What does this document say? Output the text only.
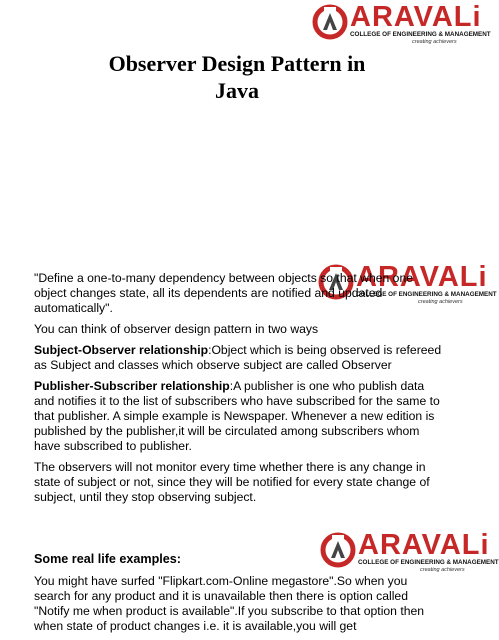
ARAVALi
COLLEGE OF ENGINEERING & MANAGEMENT
creating achievers
Observer Design Pattern in
Java
ARAVALi
COLLEGE OF ENGINEERING & MANAGEMENT
creating achievers

"Define a one-to-many dependency between objects so that when one object changes state, all its dependents are notified and updated automatically".

You can think of observer design pattern in two ways

Subject-Observer relationship:Object which is being observed is refereed as Subject and classes which observe subject are called Observer

Publisher-Subscriber relationship:A publisher is one who publish data and notifies it to the list of subscribers who have subscribed for the same to that publisher. A simple example is Newspaper. Whenever a new edition is published by the publisher,it will be circulated among subscribers whom have subscribed to publisher.

The observers will not monitor every time whether there is any change in state of subject or not, since they will be notified for every state change of subject, until they stop observing subject.

ARAVALi
COLLEGE OF ENGINEERING & MANAGEMENT
creating achievers

Some real life examples:

You might have surfed "Flipkart.com-Online megastore".So when you search for any product and it is unavailable then there is option called "Notify me when product is available".If you subscribe to that option then when state of product changes i.e. it is available,you will get
